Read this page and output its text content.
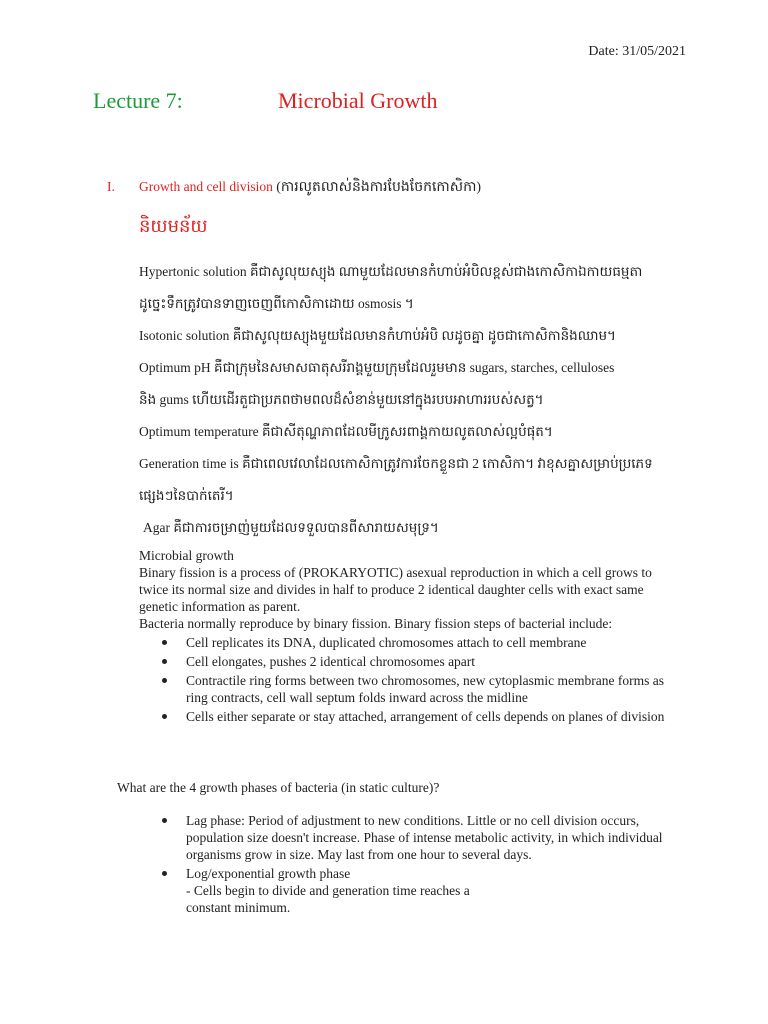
Date: 31/05/2021
Lecture 7:	Microbial Growth
I. Growth and cell division (ការលូតលាស់និងការបែងចែកកោសិកា)
និយមន័យ
Hypertonic solution គឺជាសូលុយស្យុង ណាមួយដែលមានកំហាប់អំបិលខ្ពស់ជាងកោសិកាឯកាយធម្មតា
ដូច្នេះទឹកត្រូវបានទាញចេញពីកោសិកាដោយ osmosis ។
Isotonic solution គឺជាសូលុយស្យុងមួយដែលមានកំហាប់អំបិ លដូចគ្នា ដូចជាកោសិកានិងឈាម។
Optimum pH គឺជាក្រុមនៃសមាសធាតុសរីរាង្គមួយក្រុមដែលរួមមាន sugars, starches, celluloses
និង gums ហើយដើរតួជាប្រភពថាមពលដ៏សំខាន់មួយនៅក្នុងរបបអាហាររបស់សត្វ។
Optimum temperature គឺជាសីតុណ្ហភាពដែលមីក្រូសរពាង្គកាយលូតលាស់ល្អបំផុត។
Generation time is គឺជាពេលវេលាដែលកោសិកាត្រូវការចែកខ្លួនជា 2 កោសិកា។ វាខុសគ្នាសម្រាប់ប្រភេទ
ផ្សេងៗនៃបាក់តេរី។
Agar គឺជាការចម្រាញ់មួយដែលទទួលបានពីសារាយសមុទ្រ។

Microbial growth

Binary fission is a process of (PROKARYOTIC) asexual reproduction in which a cell grows to twice its normal size and divides in half to produce 2 identical daughter cells with exact same genetic information as parent.

Bacteria normally reproduce by binary fission. Binary fission steps of bacterial include:

Cell replicates its DNA, duplicated chromosomes attach to cell membrane
Cell elongates, pushes 2 identical chromosomes apart
Contractile ring forms between two chromosomes, new cytoplasmic membrane forms as ring contracts, cell wall septum folds inward across the midline
Cells either separate or stay attached, arrangement of cells depends on planes of division
What are the 4 growth phases of bacteria (in static culture)?
Lag phase: Period of adjustment to new conditions. Little or no cell division occurs, population size doesn't increase. Phase of intense metabolic activity, in which individual organisms grow in size. May last from one hour to several days.
Log/exponential growth phase
- Cells begin to divide and generation time reaches a
constant minimum.
